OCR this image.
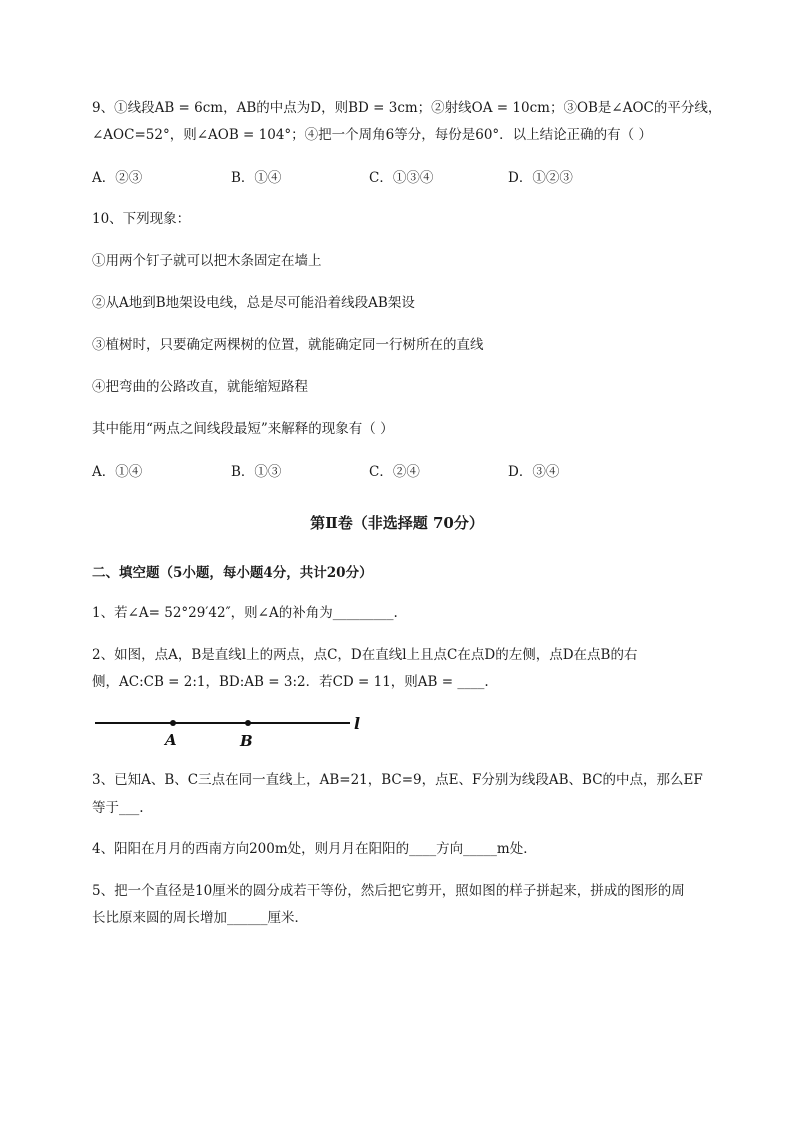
9、①线段AB = 6cm，AB的中点为D，则BD = 3cm；②射线OA = 10cm；③OB是∠AOC的平分线，
∠AOC=52°，则∠AOB = 104°；④把一个周角6等分，每份是60°．以上结论正确的有（ ）
A．②③	B．①④	C．①③④	D．①②③
10、下列现象：
①用两个钉子就可以把木条固定在墙上
②从A地到B地架设电线，总是尽可能沿着线段AB架设
③植树时，只要确定两棵树的位置，就能确定同一行树所在的直线
④把弯曲的公路改直，就能缩短路程
其中能用“两点之间线段最短”来解释的现象有（ ）
A．①④	B．①③	C．②④	D．③④
第Ⅱ卷（非选择题 70分）
二、填空题（5小题，每小题4分，共计20分）
1、若∠A= 52°29′42″，则∠A的补角为_________.
2、如图，点A，B是直线l上的两点，点C，D在直线l上且点C在点D的左侧，点D在点B的右
侧，AC:CB = 2:1，BD:AB = 3:2．若CD = 11，则AB = ____.
A	B
l
3、已知A、B、C三点在同一直线上，AB=21，BC=9，点E、F分别为线段AB、BC的中点，那么EF
等于___.
4、阳阳在月月的西南方向200m处，则月月在阳阳的____方向_____m处．
5、把一个直径是10厘米的圆分成若干等份，然后把它剪开，照如图的样子拼起来，拼成的图形的周
长比原来圆的周长增加______厘米．
